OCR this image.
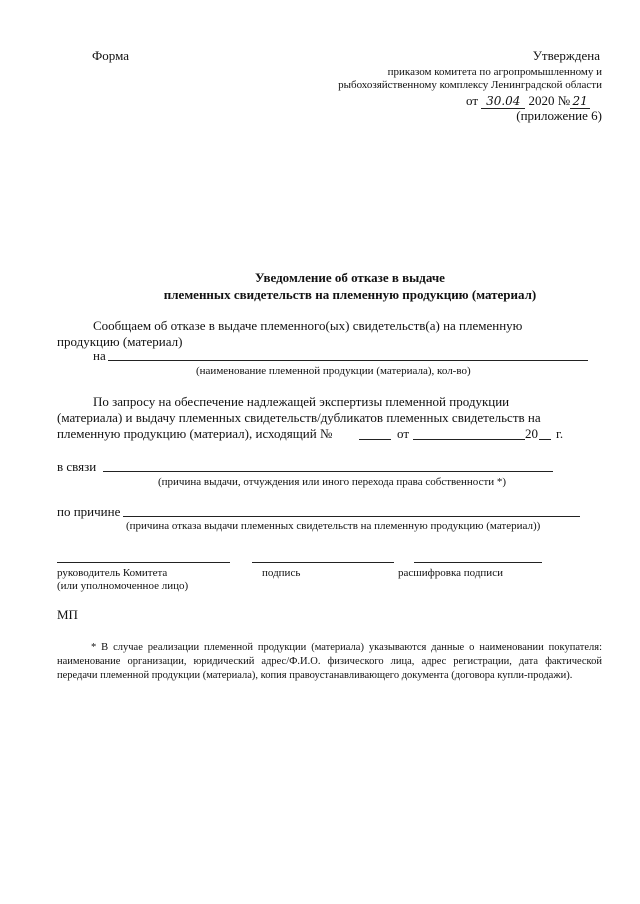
Форма	Утверждена
приказом комитета по агропромышленному и
рыбохозяйственному комплексу Ленинградской области
от 30.04 2020 № 21
(приложение 6)
Уведомление об отказе в выдаче
племенных свидетельств на племенную продукцию (материал)
Сообщаем об отказе в выдаче племенного(ых) свидетельств(а) на племенную
продукцию (материал)
на
(наименование племенной продукции (материала), кол-во)
По запросу на обеспечение надлежащей экспертизы племенной продукции
(материала) и выдачу племенных свидетельств/дубликатов племенных свидетельств на
племенную продукцию (материал), исходящий №	от	20 г.
в связи
(причина выдачи, отчуждения или иного перехода права собственности *)
по причине
(причина отказа выдачи племенных свидетельств на племенную продукцию (материал))
руководитель Комитета
(или уполномоченное лицо)
подпись	расшифровка подписи
МП
* В случае реализации племенной продукции (материала) указываются данные о наименовании покупателя: наименование организации, юридический адрес/Ф.И.О. физического лица, адрес регистрации, дата фактической передачи племенной продукции (материала), копия правоустанавливающего документа (договора купли-продажи).
